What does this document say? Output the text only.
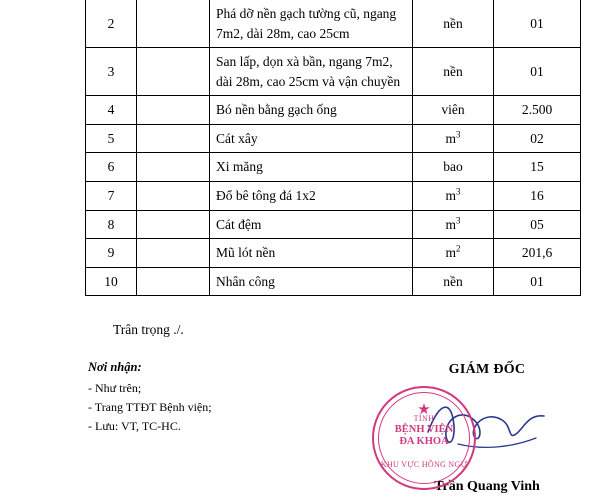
2		Phá dỡ nền gạch tường cũ, ngang 7m2, dài 28m, cao 25cm	nền	01
3		San lấp, dọn xà bần, ngang 7m2, dài 28m, cao 25cm và vận chuyền	nền	01
4		Bó nền bằng gạch ống	viên	2.500
5		Cát xây	$m^3$	02
6		Xi măng	bao	15
7		Đổ bê tông đá 1x2	$m^3$	16
8		Cát đệm	$m^3$	05
9		Mũ lót nền	$m^2$	201,6
10		Nhân công	nền	01
Trân trọng ./.
Nơi nhận:
- Như trên;
- Trang TTĐT Bệnh viện;
- Lưu: VT, TC-HC.
GIÁM ĐỐC
Trần Quang Vinh
★
TỈNH
BỆNH VIỆN
ĐA KHOA
KHU VỰC HỒNG NGỰ
